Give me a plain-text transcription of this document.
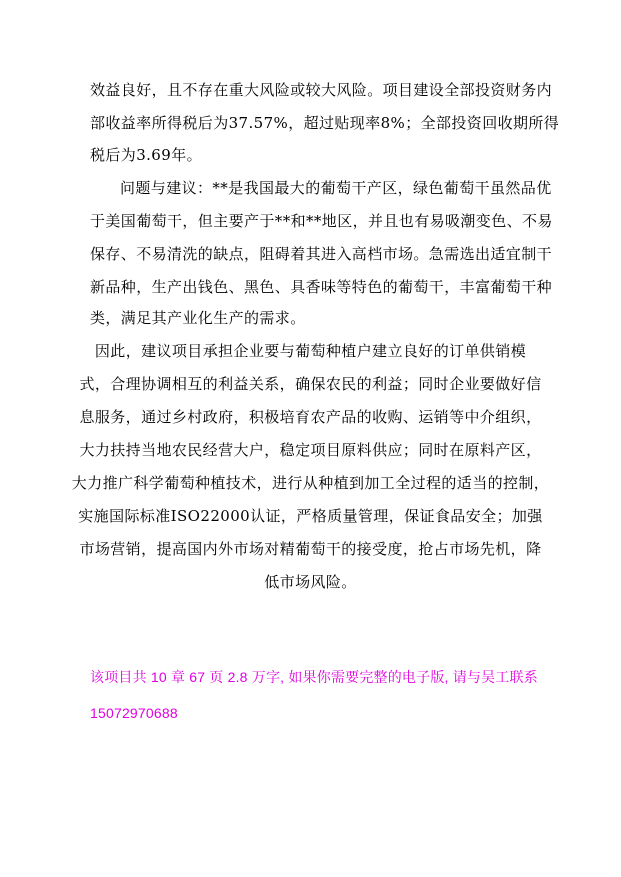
效益良好，且不存在重大风险或较大风险。项目建设全部投资财务内
部收益率所得税后为37.57%，超过贴现率8%；全部投资回收期所得
税后为3.69年。
问题与建议：**是我国最大的葡萄干产区，绿色葡萄干虽然品优
于美国葡萄干，但主要产于**和**地区，并且也有易吸潮变色、不易
保存、不易清洗的缺点，阻碍着其进入高档市场。急需选出适宜制干
新品种，生产出钱色、黑色、具香味等特色的葡萄干，丰富葡萄干种
类，满足其产业化生产的需求。
因此，建议项目承担企业要与葡萄种植户建立良好的订单供销模
式，合理协调相互的利益关系，确保农民的利益；同时企业要做好信
息服务，通过乡村政府，积极培育农产品的收购、运销等中介组织，
大力扶持当地农民经营大户，稳定项目原料供应；同时在原料产区，
大力推广科学葡萄种植技术，进行从种植到加工全过程的适当的控制，
实施国际标准ISO22000认证，严格质量管理，保证食品安全；加强
市场营销，提高国内外市场对精葡萄干的接受度，抢占市场先机，降
低市场风险。
该项目共 10 章 67 页 2.8 万字, 如果你需要完整的电子版, 请与吴工联系
15072970688
